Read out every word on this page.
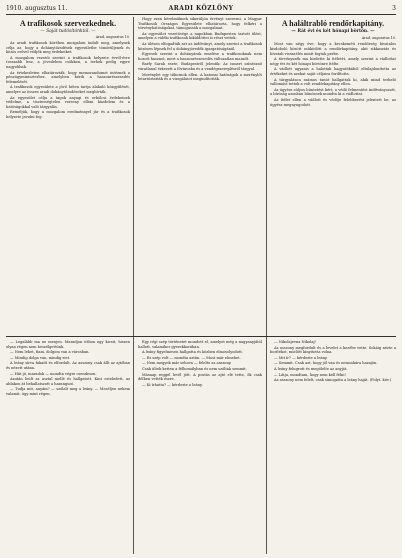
1910. augusztus 11.	ARADI KÖZLÖNY	3
A trafikosok szervezkednek.
— Saját tudósítónktól. —
Arad, augusztus 10.

Az aradi trafikosok körében mozgalom indult meg, amelynek célja az, hogy a dohánytőzsdések egyesületbe tömörüljenek és közös erővel védjék meg érdekeiket.

A mozgalom vezetői szerint a trafikosok helyzete évről-évre rosszabb lesz, a jövedelem csökken, a terhek pedig egyre nagyobbak.

Az értekezleten elhatározták, hogy memorandumot intéznek a pénzügyminiszterhez, amelyben kérik a haszonrészesedés felemelését.

A trafikosok egyesülete a jövő héten tartja alakuló közgyűlését, amelyre az összes aradi dohánytőzsdéseket meghívták.

Az egyesület célja a tagok anyagi és erkölcsi érdekeinek védelme, a tisztességtelen verseny elleni küzdelem és a hatóságokkal való tárgyalás.

Reméljük, hogy a mozgalom eredménnyel jár és a trafikosok helyzete javulni fog.

Hogy ezen kérelmüknek sikerüljön érvényt szerezni, a Magyar Trafikosok Országos Egyesülete elhatározta, hogy felkéri a törvényhatóságokat, támogassák a mozgalmat.

Az egyesület vezetősége a napokban Budapesten tartott ülést, amelyen a vidéki trafikosok kiküldöttei is részt vettek.

Az ülésen elfogadták azt az indítványt, amely szerint a trafikosok közösen lépnek fel a dohányjövedék igazgatóságánál.

Egyesek szerint a dohányárak emelése a trafikosoknak nem hozott hasznot, mert a haszonrészesedés változatlan maradt.

Barfy Sarah esete, Budapestről jelentik: Az ismert színésznő váratlanul érkezett a fővárosba és a vendégszereplésről tárgyal.

Merénylet egy tábornok ellen. A katonai hatóságok a merénylőt letartóztatták és a vizsgálatot megindították.

A haláltrabló rendőrkapitány.
— Rát évi és két hónapi börtön. —
Arad, augusztus 10.

Most van négy éve, hogy a kecskeméti rendőrség hivatalos kisdoboló között működött a rendőrkapitány, akit sikkasztás és hivatali visszaélés miatt fogtak perbe.

A törvényszék ma hirdette ki ítéletét, amely szerint a vádlottat négy évi és két hónapi börtönre ítélte.

A vádlott ugyanis a halottak hagyatékából eltulajdonította az értékeket és azokat saját céljaira fordította.

A tárgyaláson számos tanút hallgattak ki, akik mind terhelő vallomást tettek a volt rendőrkapitány ellen.

Az ügyész súlyos büntetést kért, a védő felmentést indítványozott, a bíróság azonban bűnösnek mondta ki a vádlottat.

Az ítélet ellen a vádlott és védője felebbezést jelentett be, az ügyész megnyugodott.

— Legalább ma ne menjen. Maradjon itthon egy kicsit, hiszen olyan régen nem beszélgettünk.

— Nem lehet, fiam, dolgom van a városban.

— Mindig dolga van, mindig siet.

A leány sírva fakadt és elfordult. Az asszony csak állt az ajtóban és nézett utána.

— Hát jó, maradok — mondta végre csendesen.

Azután leült az asztal mellé és hallgatott. Kint esteledett, az ablakon át behallatszott a harangszó.

— Tudja mit, anyám? — szólalt meg a leány. — Meséljen nekem valamit, úgy mint régen.

Egy régi szép történetet mondott el, amelyet még a nagyanyjától hallott, valamikor gyerekkorában.

A leány figyelmesen hallgatta és közben elmosolyodott.

— Ez szép volt — mondta aztán. — Most már elmehet.

— Nem megyek már sehova — felelte az asszony.

Csak ültek ketten a félhomályban és nem szóltak semmit.

Másnap reggel levél jött. A postás az ajtó elé tette, ők csak délben vették észre.

— Ki írhatta? — kérdezte a leány.

— Nikolajevna Nikolaj!

Az asszony megfordult és a levelet a kezébe vette. Sokáig nézte a borítékot, mielőtt kinyitotta volna.

— Mit ír? — kérdezte a leány.

— Semmit. Csak azt, hogy jól van és nemsokára hazajön.

A leány felugrott és megölelte az anyját.

— Látja, mondtam, hogy nem kell félni!

Az asszony nem felelt, csak simogatta a leány haját. (Folyt. köv.)
